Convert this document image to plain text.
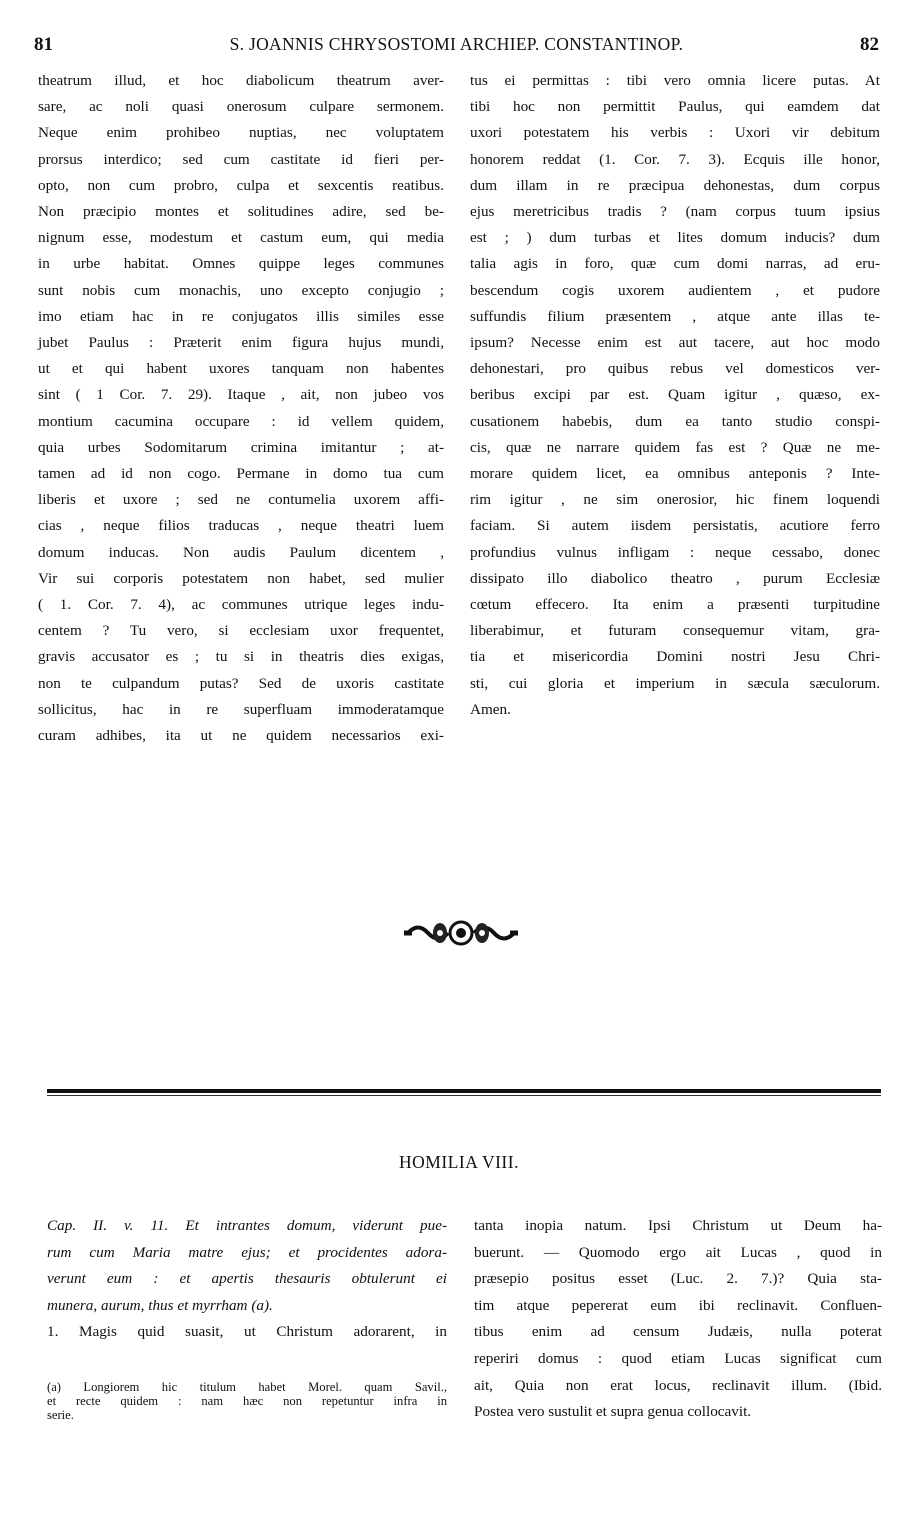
81	S. JOANNIS CHRYSOSTOMI ARCHIEP. CONSTANTINOP.	82
theatrum illud, et hoc diabolicum theatrum aver-
sare, ac noli quasi onerosum culpare sermonem.
Neque enim prohibeo nuptias, nec voluptatem
prorsus interdico; sed cum castitate id fieri per-
opto, non cum probro, culpa et sexcentis reatibus.
Non præcipio montes et solitudines adire, sed be-
nignum esse, modestum et castum eum, qui media
in urbe habitat. Omnes quippe leges communes
sunt nobis cum monachis, uno excepto conjugio ;
imo etiam hac in re conjugatos illis similes esse
jubet Paulus : Præterit enim figura hujus mundi,
ut et qui habent uxores tanquam non habentes
sint ( 1 Cor. 7. 29). Itaque , ait, non jubeo vos
montium cacumina occupare : id vellem quidem,
quia urbes Sodomitarum crimina imitantur ; at-
tamen ad id non cogo. Permane in domo tua cum
liberis et uxore ; sed ne contumelia uxorem affi-
cias , neque filios traducas , neque theatri luem
domum inducas. Non audis Paulum dicentem ,
Vir sui corporis potestatem non habet, sed mulier
( 1. Cor. 7. 4), ac communes utrique leges indu-
centem ? Tu vero, si ecclesiam uxor frequentet,
gravis accusator es ; tu si in theatris dies exigas,
non te culpandum putas? Sed de uxoris castitate
sollicitus, hac in re superfluam immoderatamque
curam adhibes, ita ut ne quidem necessarios exi-
tus ei permittas : tibi vero omnia licere putas. At
tibi hoc non permittit Paulus, qui eamdem dat
uxori potestatem his verbis : Uxori vir debitum
honorem reddat (1. Cor. 7. 3). Ecquis ille honor,
dum illam in re præcipua dehonestas, dum corpus
ejus meretricibus tradis ? (nam corpus tuum ipsius
est ; ) dum turbas et lites domum inducis? dum
talia agis in foro, quæ cum domi narras, ad eru-
bescendum cogis uxorem audientem , et pudore
suffundis filium præsentem , atque ante illas te-
ipsum? Necesse enim est aut tacere, aut hoc modo
dehonestari, pro quibus rebus vel domesticos ver-
beribus excipi par est. Quam igitur , quæso, ex-
cusationem habebis, dum ea tanto studio conspi-
cis, quæ ne narrare quidem fas est ? Quæ ne me-
morare quidem licet, ea omnibus anteponis ? Inte-
rim igitur , ne sim onerosior, hic finem loquendi
faciam. Si autem iisdem persistatis, acutiore ferro
profundius vulnus infligam : neque cessabo, donec
dissipato illo diabolico theatro , purum Ecclesiæ
cœtum effecero. Ita enim a præsenti turpitudine
liberabimur, et futuram consequemur vitam, gra-
tia et misericordia Domini nostri Jesu Chri-
sti, cui gloria et imperium in sæcula sæculorum.
Amen.
HOMILIA VIII.
Cap. II. v. 11. Et intrantes domum, viderunt pue-
rum cum Maria matre ejus; et procidentes adora-
verunt eum : et apertis thesauris obtulerunt ei
munera, aurum, thus et myrrham (a).
1. Magis quid suasit, ut Christum adorarent, in
(a) Longiorem hic titulum habet Morel. quam Savil.,
et recte quidem : nam hæc non repetuntur infra in
serie.
tanta inopia natum. Ipsi Christum ut Deum ha-
buerunt. — Quomodo ergo ait Lucas , quod in
præsepio positus esset (Luc. 2. 7.)? Quia sta-
tim atque pepererat eum ibi reclinavit. Confluen-
tibus enim ad censum Judæis, nulla poterat
reperiri domus : quod etiam Lucas significat cum
ait, Quia non erat locus, reclinavit illum. (Ibid.
Postea vero sustulit et supra genua collocavit.
